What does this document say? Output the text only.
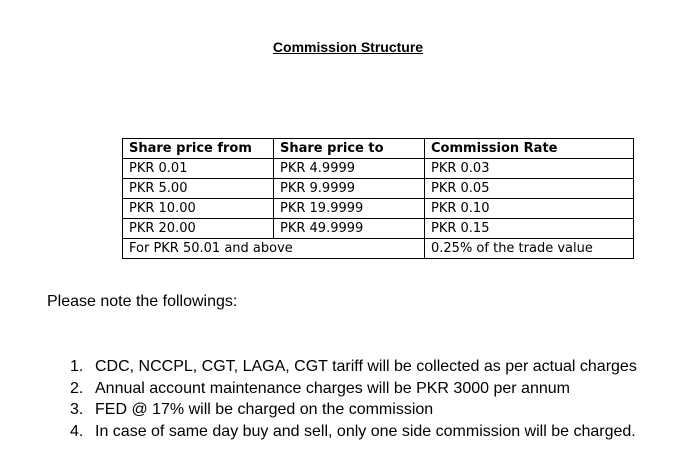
Commission Structure
Share price from	Share price to	Commission Rate
PKR 0.01	PKR 4.9999	PKR 0.03
PKR 5.00	PKR 9.9999	PKR 0.05
PKR 10.00	PKR 19.9999	PKR 0.10
PKR 20.00	PKR 49.9999	PKR 0.15
For PKR 50.01 and above		0.25% of the trade value
Please note the followings:
1. CDC, NCCPL, CGT, LAGA, CGT tariff will be collected as per actual charges
2. Annual account maintenance charges will be PKR 3000 per annum
3. FED @ 17% will be charged on the commission
4. In case of same day buy and sell, only one side commission will be charged.
